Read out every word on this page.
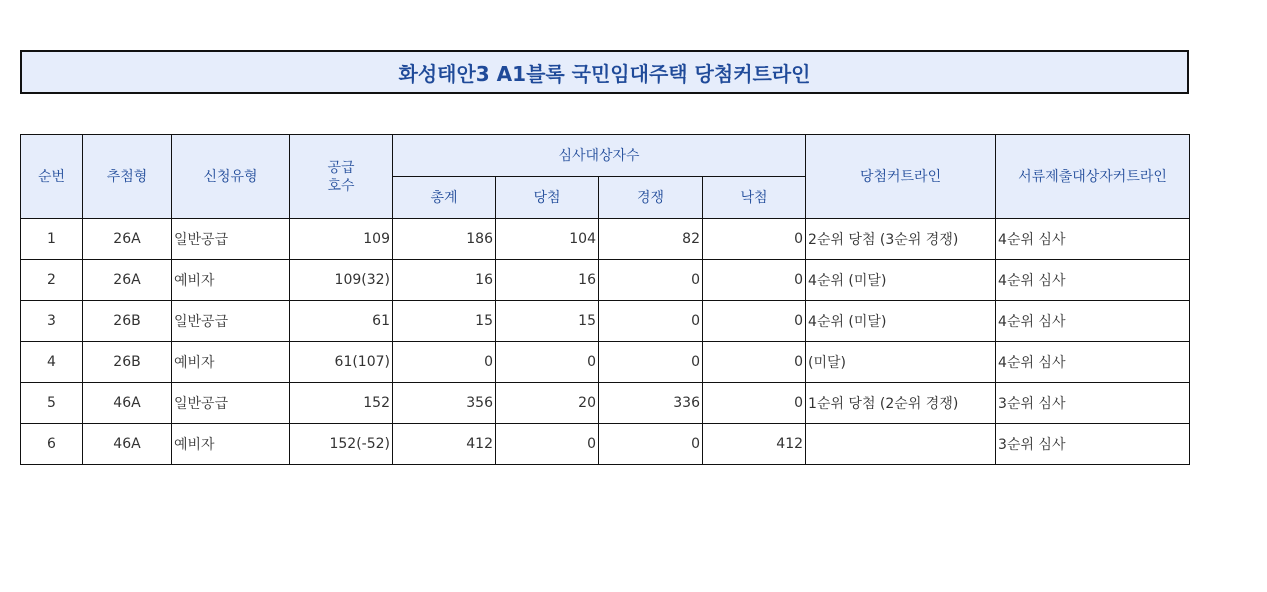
화성태안3 A1블록 국민임대주택 당첨커트라인
순번	추첨형	신청유형	공급
호수	심사대상자수				당첨커트라인	서류제출대상자커트라인
				총계	당첨	경쟁	낙첨		
1	26A	일반공급	109	186	104	82	0	2순위 당첨 (3순위 경쟁)	4순위 심사
2	26A	예비자	109(32)	16	16	0	0	4순위 (미달)	4순위 심사
3	26B	일반공급	61	15	15	0	0	4순위 (미달)	4순위 심사
4	26B	예비자	61(107)	0	0	0	0	(미달)	4순위 심사
5	46A	일반공급	152	356	20	336	0	1순위 당첨 (2순위 경쟁)	3순위 심사
6	46A	예비자	152(-52)	412	0	0	412		3순위 심사
